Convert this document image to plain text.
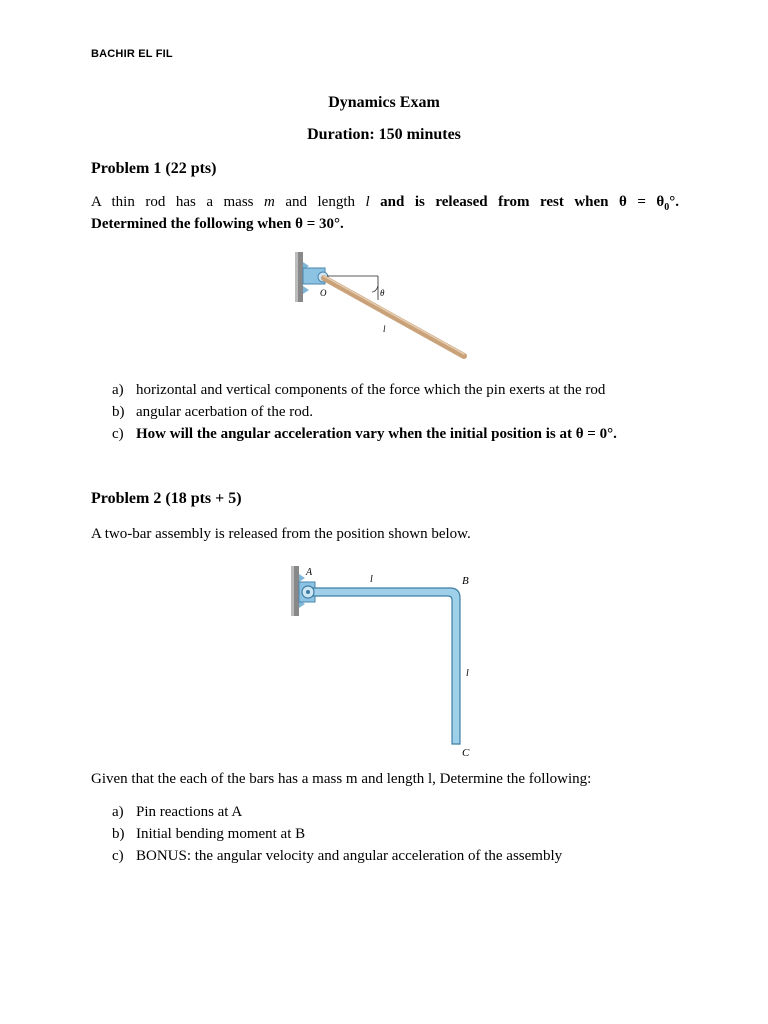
BACHIR EL FIL
Dynamics Exam
Duration: 150 minutes
Problem 1 (22 pts)
A thin rod has a mass m and length l and is released from rest when $\theta = \theta_0^\circ$.
Determined the following when θ = 30°.
O	θ
l
a) horizontal and vertical components of the force which the pin exerts at the rod
b) angular acerbation of the rod.
c) How will the angular acceleration vary when the initial position is at θ = 0°.
Problem 2 (18 pts + 5)
A two-bar assembly is released from the position shown below.
A
l	B
l
C
Given that the each of the bars has a mass m and length l, Determine the following:
a) Pin reactions at A
b) Initial bending moment at B
c) BONUS: the angular velocity and angular acceleration of the assembly
